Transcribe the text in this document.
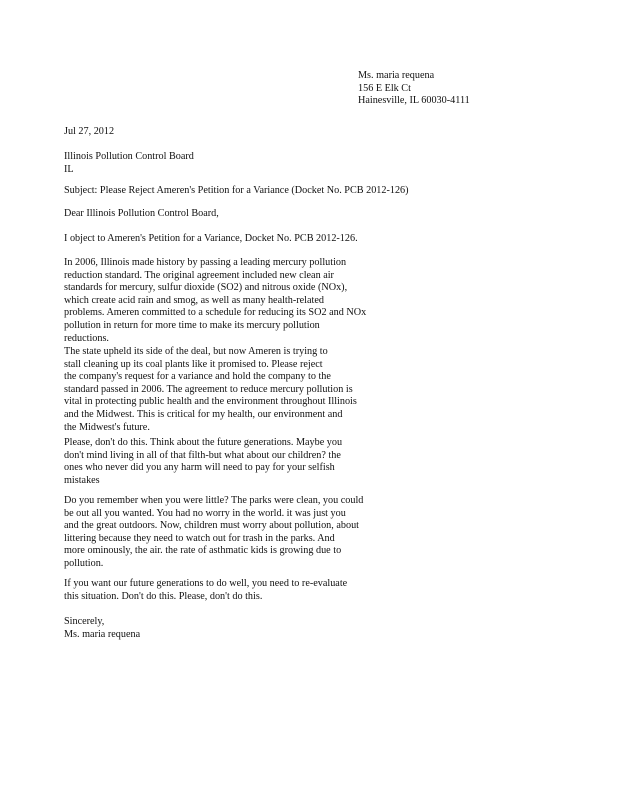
Ms. maria requena
156 E Elk Ct
Hainesville, IL 60030-4111
Jul 27, 2012
Illinois Pollution Control Board
IL
Subject: Please Reject Ameren's Petition for a Variance (Docket No. PCB 2012-126)
Dear Illinois Pollution Control Board,
I object to Ameren's Petition for a Variance, Docket No. PCB 2012-126.
In 2006, Illinois made history by passing a leading mercury pollution
reduction standard. The original agreement included new clean air
standards for mercury, sulfur dioxide (SO2) and nitrous oxide (NOx),
which create acid rain and smog, as well as many health-related
problems. Ameren committed to a schedule for reducing its SO2 and NOx
pollution in return for more time to make its mercury pollution
reductions.
The state upheld its side of the deal, but now Ameren is trying to
stall cleaning up its coal plants like it promised to. Please reject
the company's request for a variance and hold the company to the
standard passed in 2006. The agreement to reduce mercury pollution is
vital in protecting public health and the environment throughout Illinois
and the Midwest. This is critical for my health, our environment and
the Midwest's future.
Please, don't do this. Think about the future generations. Maybe you
don't mind living in all of that filth-but what about our children? the
ones who never did you any harm will need to pay for your selfish
mistakes
Do you remember when you were little? The parks were clean, you could
be out all you wanted. You had no worry in the world. it was just you
and the great outdoors. Now, children must worry about pollution, about
littering because they need to watch out for trash in the parks. And
more ominously, the air. the rate of asthmatic kids is growing due to
pollution.
If you want our future generations to do well, you need to re-evaluate
this situation. Don't do this. Please, don't do this.
Sincerely,
Ms. maria requena
